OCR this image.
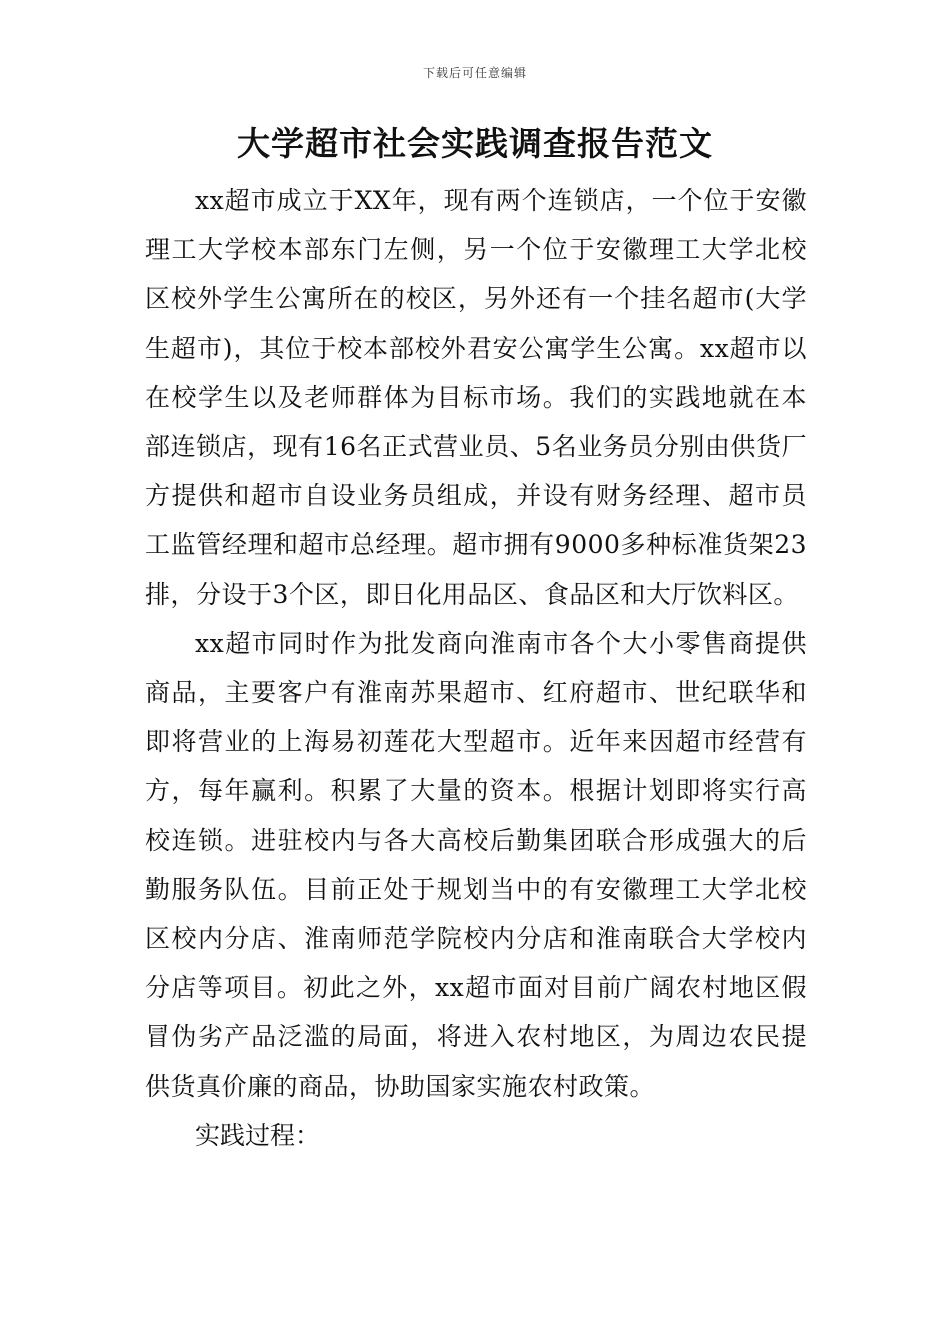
下载后可任意编辑
大学超市社会实践调查报告范文

xx超市成立于XX年，现有两个连锁店，一个位于安徽理工大学校本部东门左侧，另一个位于安徽理工大学北校区校外学生公寓所在的校区，另外还有一个挂名超市(大学生超市)，其位于校本部校外君安公寓学生公寓。xx超市以在校学生以及老师群体为目标市场。我们的实践地就在本部连锁店，现有16名正式营业员、5名业务员分别由供货厂方提供和超市自设业务员组成，并设有财务经理、超市员工监管经理和超市总经理。超市拥有9000多种标准货架23排，分设于3个区，即日化用品区、食品区和大厅饮料区。

xx超市同时作为批发商向淮南市各个大小零售商提供商品，主要客户有淮南苏果超市、红府超市、世纪联华和即将营业的上海易初莲花大型超市。近年来因超市经营有方，每年赢利。积累了大量的资本。根据计划即将实行高校连锁。进驻校内与各大高校后勤集团联合形成强大的后勤服务队伍。目前正处于规划当中的有安徽理工大学北校区校内分店、淮南师范学院校内分店和淮南联合大学校内分店等项目。初此之外，xx超市面对目前广阔农村地区假冒伪劣产品泛滥的局面，将进入农村地区，为周边农民提供货真价廉的商品，协助国家实施农村政策。

实践过程：
